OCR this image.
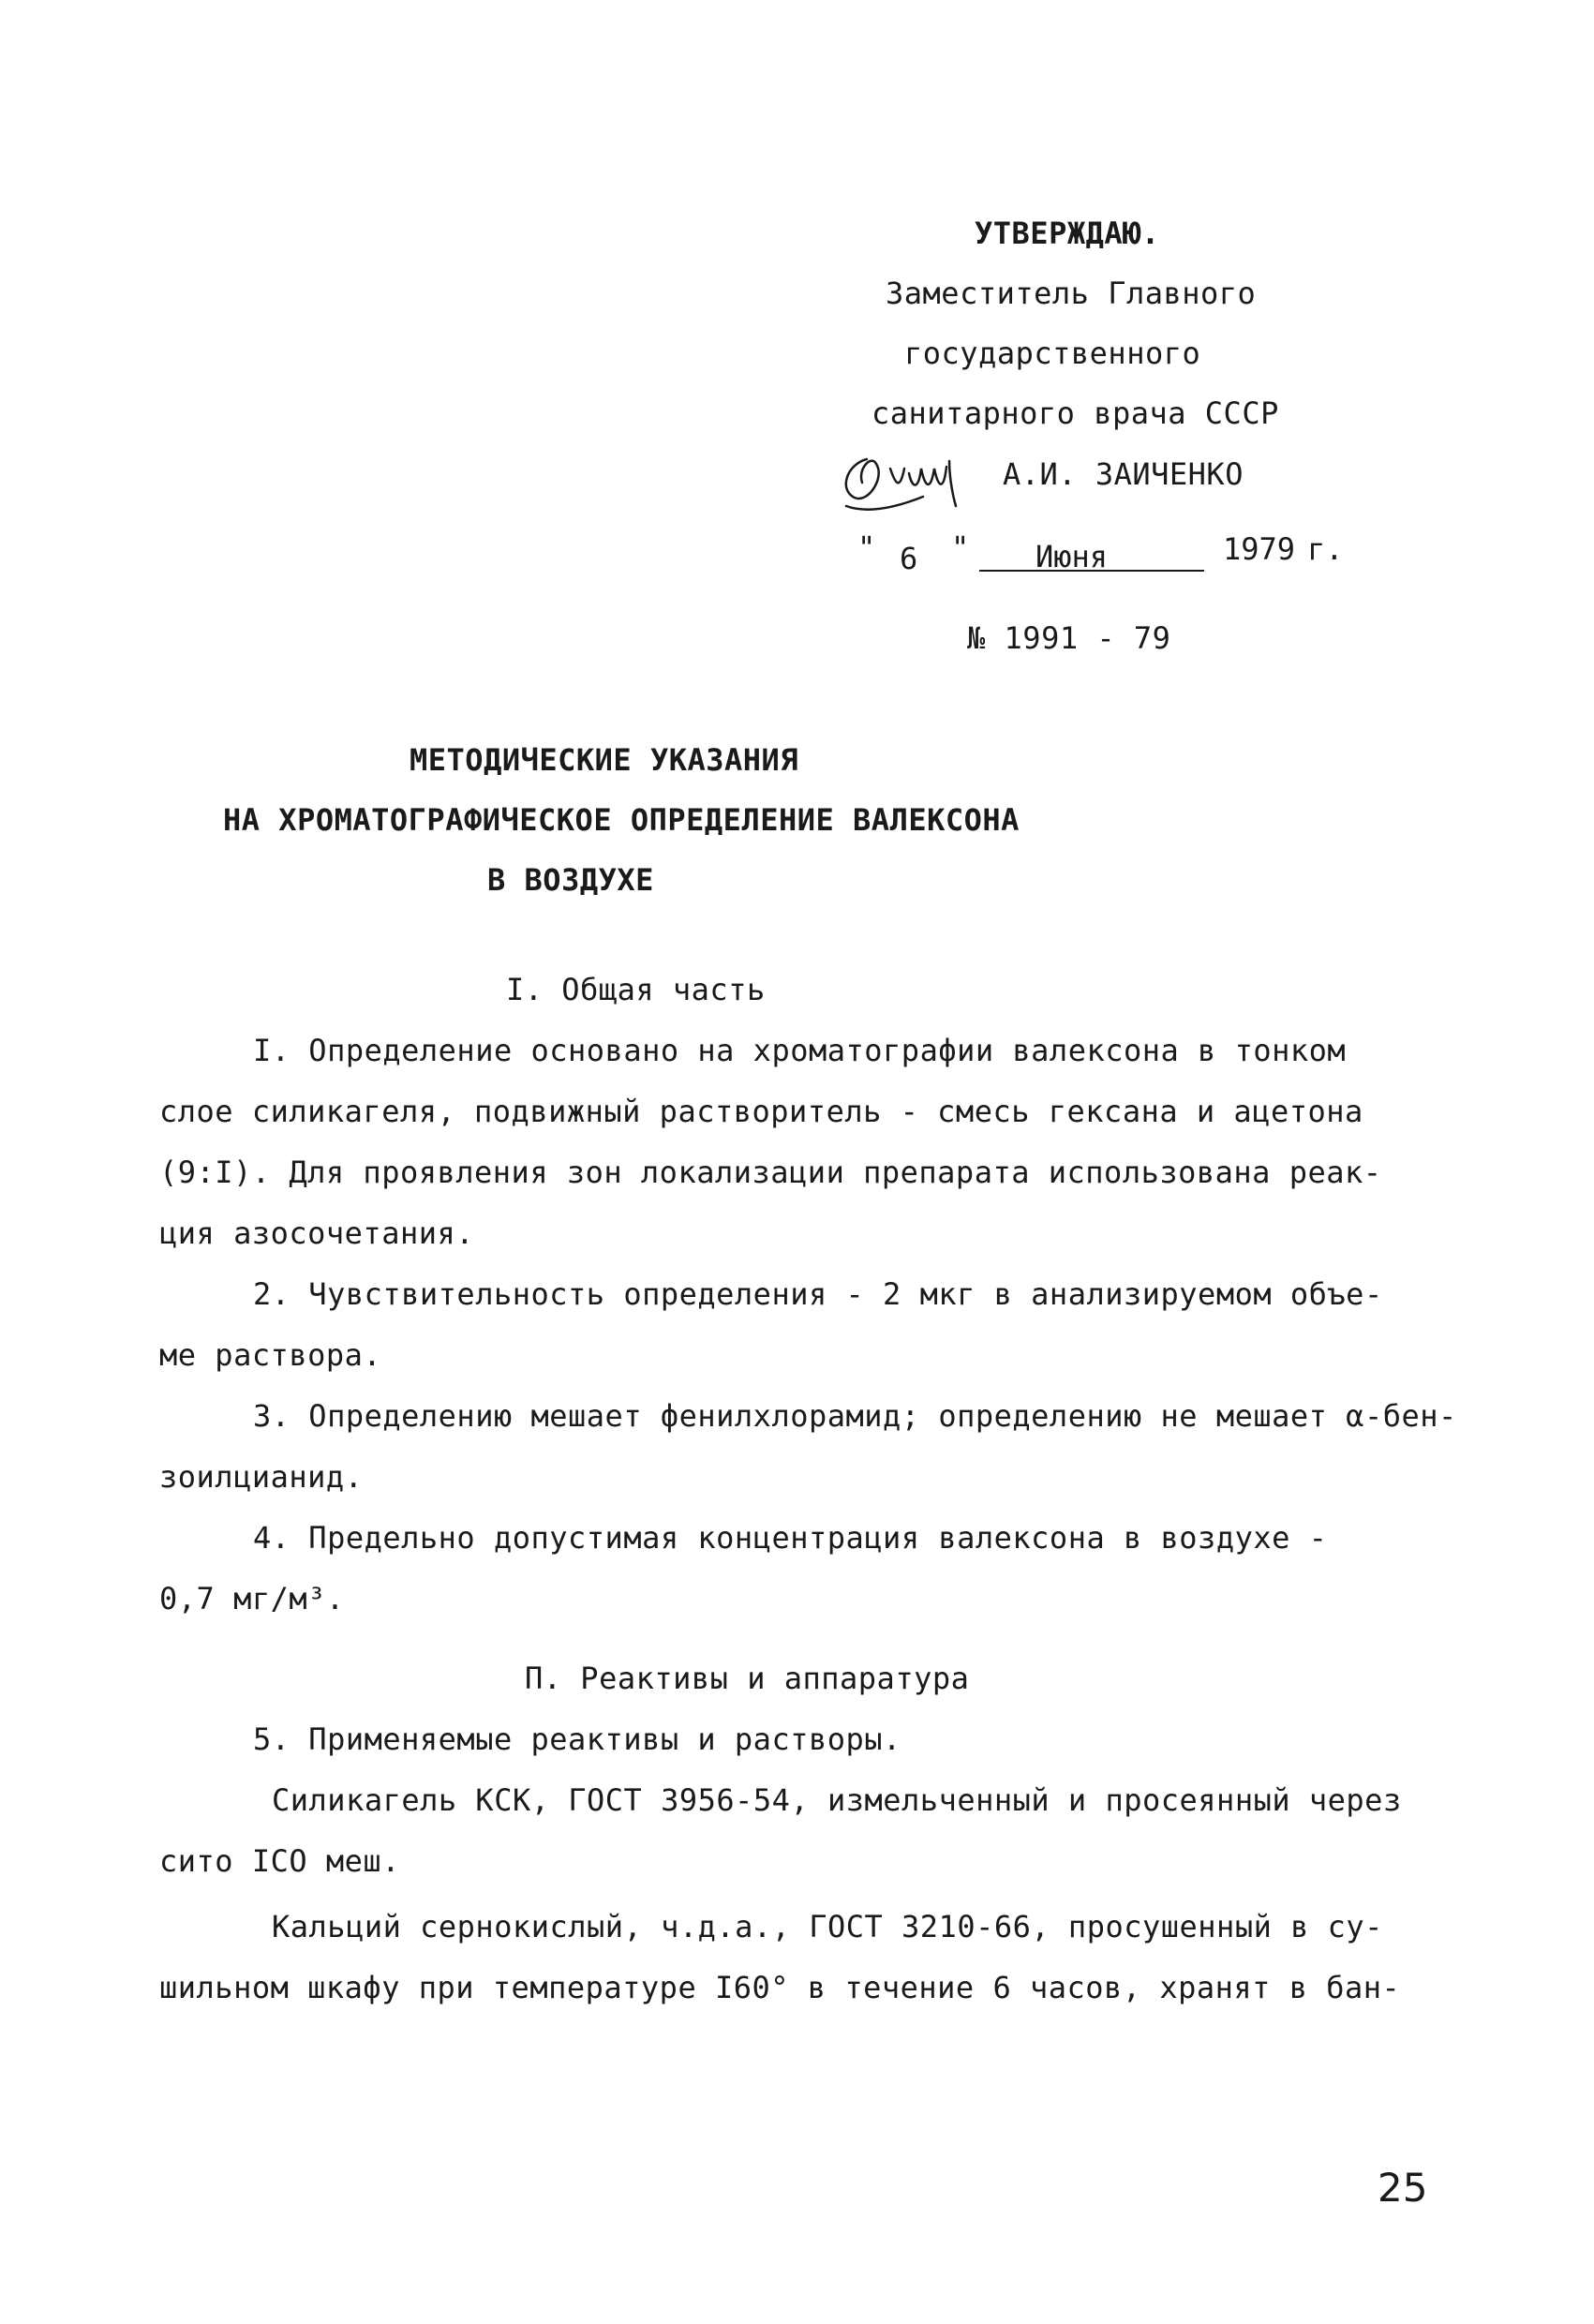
УТВЕРЖДАЮ.
Заместитель Главного
государственного
санитарного врача СССР
А.И. ЗАИЧЕНКО
" 6 " Июня	1979 г.
№ 1991 - 79
МЕТОДИЧЕСКИЕ УКАЗАНИЯ
НА ХРОМАТОГРАФИЧЕСКОЕ ОПРЕДЕЛЕНИЕ ВАЛЕКСОНА
В ВОЗДУХЕ
I. Общая часть
I. Определение основано на хроматографии валексона в тонком
слое силикагеля, подвижный растворитель - смесь гексана и ацетона
(9:I). Для проявления зон локализации препарата использована реак-
ция азосочетания.
2. Чувствительность определения - 2 мкг в анализируемом объе-
ме раствора.
3. Определению мешает фенилхлорамид; определению не мешает α-бен-
зоилцианид.
4. Предельно допустимая концентрация валексона в воздухе -
0,7 мг/м³.
П. Реактивы и аппаратура
5. Применяемые реактивы и растворы.
Силикагель КСК, ГОСТ 3956-54, измельченный и просеянный через
сито ICO меш.
Кальций сернокислый, ч.д.а., ГОСТ 3210-66, просушенный в су-
шильном шкафу при температуре I60° в течение 6 часов, хранят в бан-
25
